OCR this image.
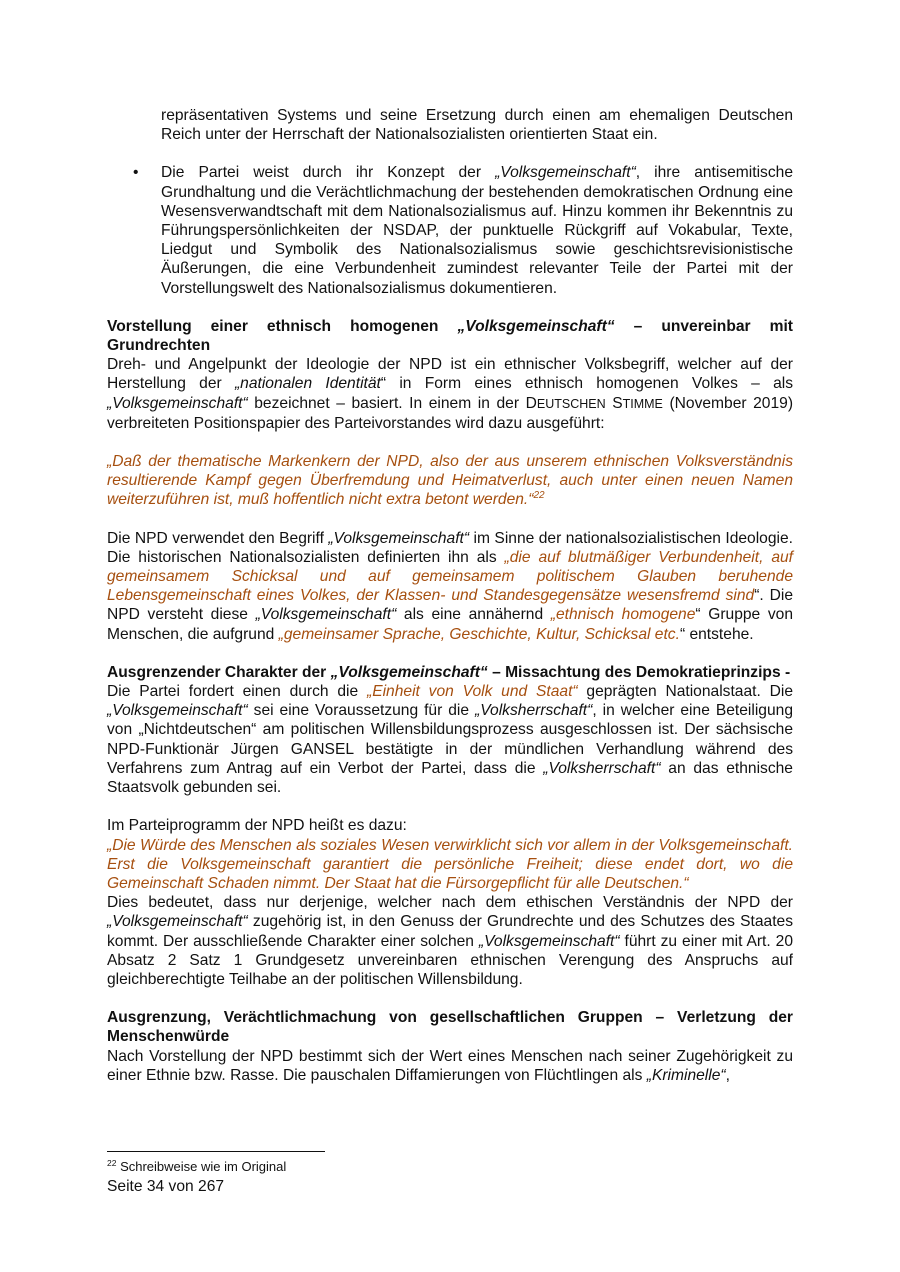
repräsentativen Systems und seine Ersetzung durch einen am ehemaligen Deutschen Reich unter der Herrschaft der Nationalsozialisten orientierten Staat ein.

• Die Partei weist durch ihr Konzept der „Volksgemeinschaft“, ihre antisemitische Grundhaltung und die Verächtlichmachung der bestehenden demokratischen Ordnung eine Wesensverwandtschaft mit dem Nationalsozialismus auf. Hinzu kommen ihr Bekenntnis zu Führungspersönlichkeiten der NSDAP, der punktuelle Rückgriff auf Vokabular, Texte, Liedgut und Symbolik des Nationalsozialismus sowie geschichtsrevisionistische Äußerungen, die eine Verbundenheit zumindest relevanter Teile der Partei mit der Vorstellungswelt des Nationalsozialismus dokumentieren.

Vorstellung einer ethnisch homogenen „Volksgemeinschaft“ – unvereinbar mit Grundrechten

Dreh- und Angelpunkt der Ideologie der NPD ist ein ethnischer Volksbegriff, welcher auf der Herstellung der „nationalen Identität“ in Form eines ethnisch homogenen Volkes – als „Volksgemeinschaft“ bezeichnet – basiert. In einem in der DEUTSCHEN STIMME (November 2019) verbreiteten Positionspapier des Parteivorstandes wird dazu ausgeführt:

„Daß der thematische Markenkern der NPD, also der aus unserem ethnischen Volksverständnis resultierende Kampf gegen Überfremdung und Heimatverlust, auch unter einen neuen Namen weiterzuführen ist, muß hoffentlich nicht extra betont werden.“$^{22}$

Die NPD verwendet den Begriff „Volksgemeinschaft“ im Sinne der nationalsozialistischen Ideologie. Die historischen Nationalsozialisten definierten ihn als „die auf blutmäßiger Verbundenheit, auf gemeinsamem Schicksal und auf gemeinsamem politischem Glauben beruhende Lebensgemeinschaft eines Volkes, der Klassen- und Standesgegensätze wesensfremd sind“. Die NPD versteht diese „Volksgemeinschaft“ als eine annähernd „ethnisch homogene“ Gruppe von Menschen, die aufgrund „gemeinsamer Sprache, Geschichte, Kultur, Schicksal etc.“ entstehe.

Ausgrenzender Charakter der „Volksgemeinschaft“ – Missachtung des Demokratieprinzips -

Die Partei fordert einen durch die „Einheit von Volk und Staat“ geprägten Nationalstaat. Die „Volksgemeinschaft“ sei eine Voraussetzung für die „Volksherrschaft“, in welcher eine Beteiligung von „Nichtdeutschen“ am politischen Willensbildungsprozess ausgeschlossen ist. Der sächsische NPD-Funktionär Jürgen GANSEL bestätigte in der mündlichen Verhandlung während des Verfahrens zum Antrag auf ein Verbot der Partei, dass die „Volksherrschaft“ an das ethnische Staatsvolk gebunden sei.

Im Parteiprogramm der NPD heißt es dazu:

„Die Würde des Menschen als soziales Wesen verwirklicht sich vor allem in der Volksgemeinschaft. Erst die Volksgemeinschaft garantiert die persönliche Freiheit; diese endet dort, wo die Gemeinschaft Schaden nimmt. Der Staat hat die Fürsorgepflicht für alle Deutschen.“

Dies bedeutet, dass nur derjenige, welcher nach dem ethischen Verständnis der NPD der „Volksgemeinschaft“ zugehörig ist, in den Genuss der Grundrechte und des Schutzes des Staates kommt. Der ausschließende Charakter einer solchen „Volksgemeinschaft“ führt zu einer mit Art. 20 Absatz 2 Satz 1 Grundgesetz unvereinbaren ethnischen Verengung des Anspruchs auf gleichberechtigte Teilhabe an der politischen Willensbildung.

Ausgrenzung, Verächtlichmachung von gesellschaftlichen Gruppen – Verletzung der Menschenwürde

Nach Vorstellung der NPD bestimmt sich der Wert eines Menschen nach seiner Zugehörigkeit zu einer Ethnie bzw. Rasse. Die pauschalen Diffamierungen von Flüchtlingen als „Kriminelle“,

$^{22}$ Schreibweise wie im Original
Seite 34 von 267
